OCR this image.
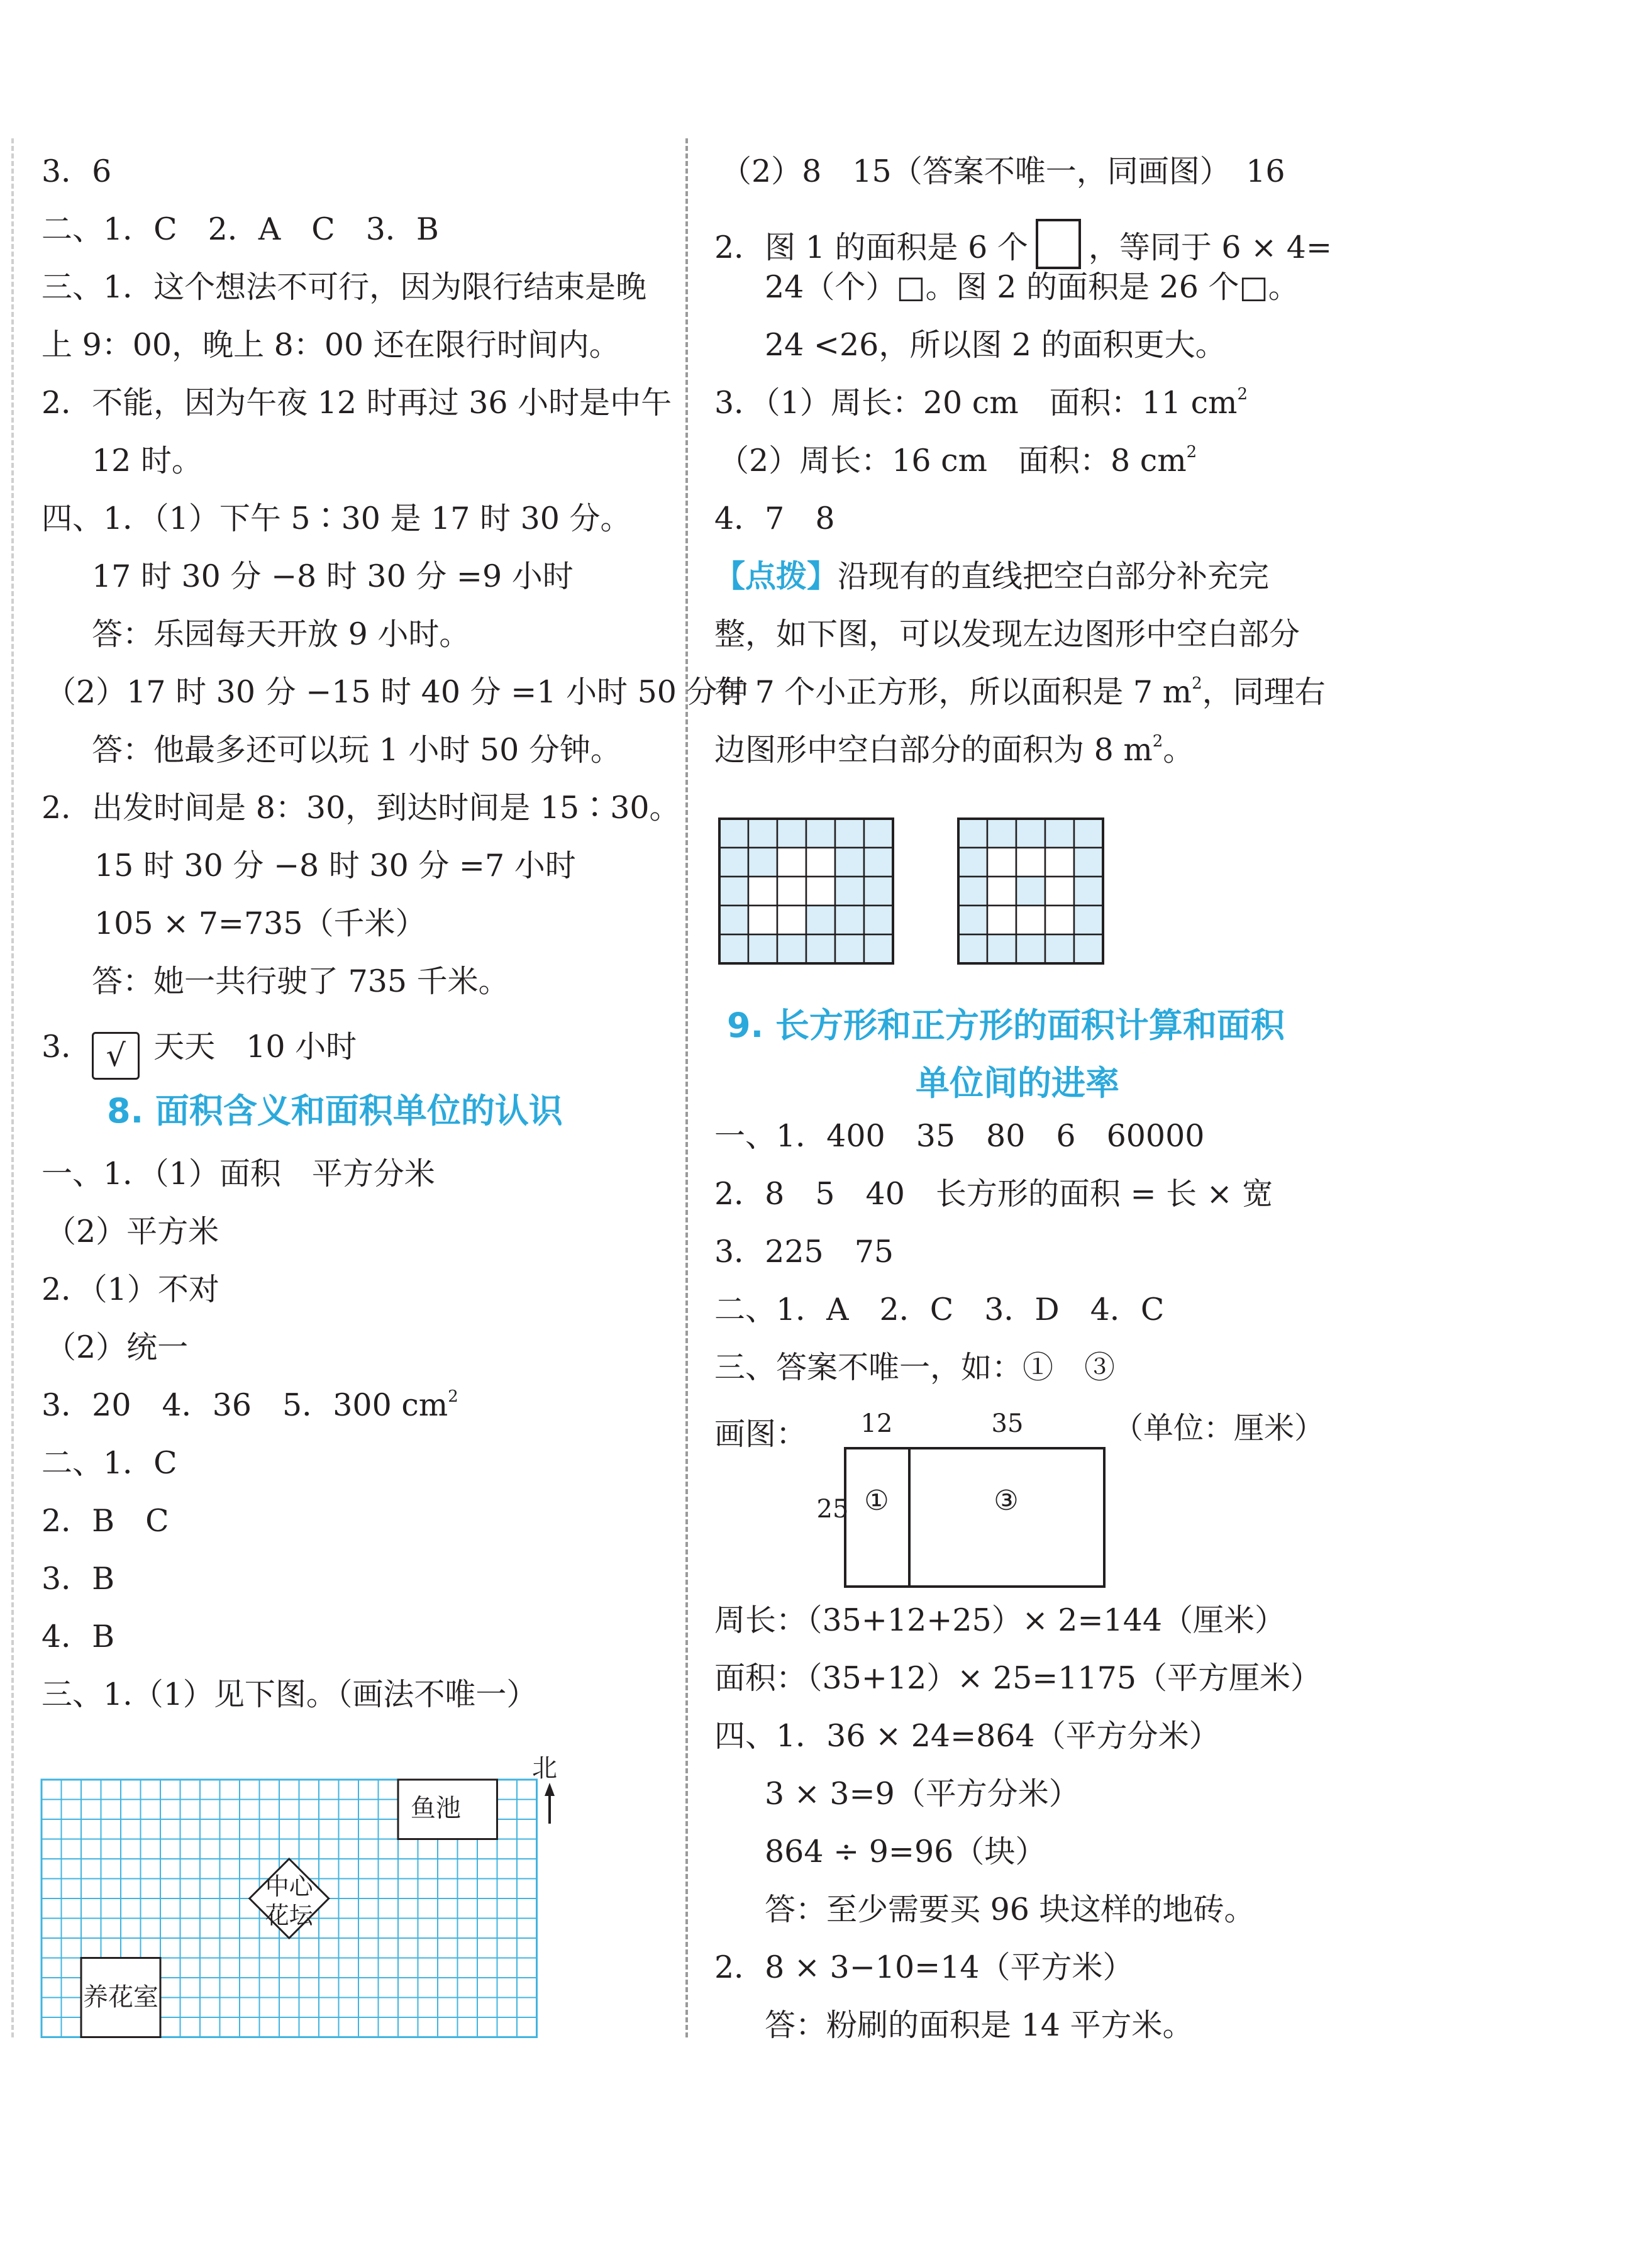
3．6
二、1．C　2．A　C　3．B
三、1．这个想法不可行，因为限行结束是晚
上 9：00，晚上 8：00 还在限行时间内。
2．不能，因为午夜 12 时再过 36 小时是中午
12 时。
四、1．（1）下午 5∶30 是 17 时 30 分。
17 时 30 分 −8 时 30 分 =9 小时
答：乐园每天开放 9 小时。
（2）17 时 30 分 −15 时 40 分 =1 小时 50 分钟
答：他最多还可以玩 1 小时 50 分钟。
2．出发时间是 8：30，到达时间是 15∶30。
15 时 30 分 −8 时 30 分 =7 小时
105 × 7=735（千米）
答：她一共行驶了 735 千米。
3． √ 天天　10 小时
8. 面积含义和面积单位的认识
一、1．（1）面积　平方分米
（2）平方米
2．（1）不对
（2）统一
3．20　4．36　5．300 $cm^2$
二、1．C
2．B　C
3．B
4．B
三、1.（1）见下图。（画法不唯一）
鱼池
中心
花坛
养花室
北
（2）8　15（答案不唯一，同画图）　16
2．图 1 的面积是 6 个 ，等同于 6 × 4=
24（个）□。图 2 的面积是 26 个□。
24 <26，所以图 2 的面积更大。
3．（1）周长：20 cm　面积：11 $cm^2$
（2）周长：16 cm　面积：8 $cm^2$
4．7　8
【点拨】沿现有的直线把空白部分补充完
整，如下图，可以发现左边图形中空白部分
有 7 个小正方形，所以面积是 7 $m^2$，同理右
边图形中空白部分的面积为 8 $m^2$。
9. 长方形和正方形的面积计算和面积
单位间的进率
一、1．400　35　80　6　60000
2．8　5　40　长方形的面积 = 长 × 宽
3．225　75
二、1．A　2．C　3．D　4．C
三、答案不唯一，如：①　③
画图： 12	35	（单位：厘米）
25 ①	③
周长：（35+12+25）× 2=144（厘米）
面积：（35+12）× 25=1175（平方厘米）
四、1．36 × 24=864（平方分米）
3 × 3=9（平方分米）
864 ÷ 9=96（块）
答：至少需要买 96 块这样的地砖。
2．8 × 3−10=14（平方米）
答：粉刷的面积是 14 平方米。
